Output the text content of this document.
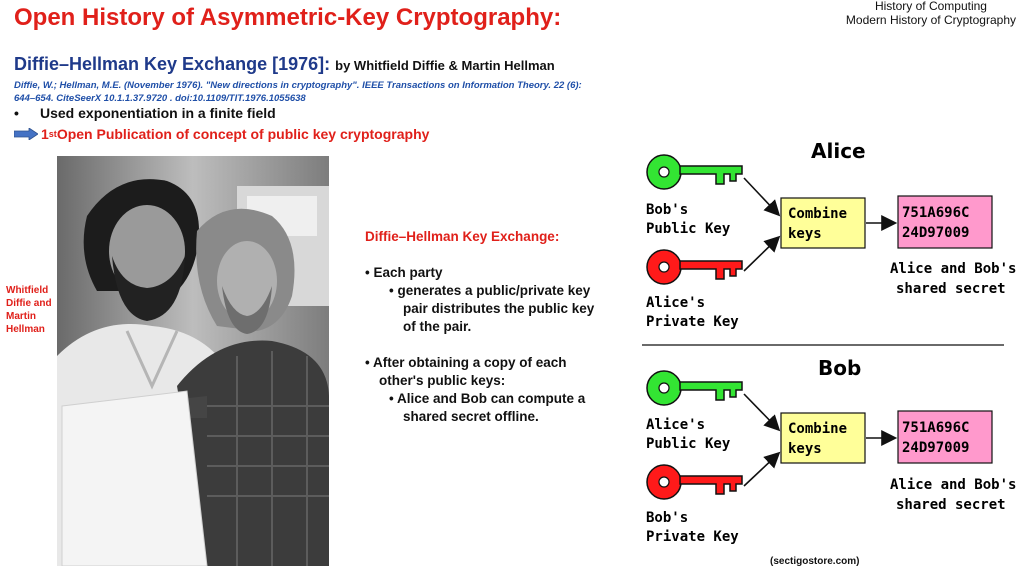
History of Computing
Modern History of Cryptography
Open History of Asymmetric-Key Cryptography:
Diffie–Hellman Key Exchange [1976]: by Whitfield Diffie & Martin Hellman
Diffie, W.; Hellman, M.E. (November 1976). "New directions in cryptography". IEEE Transactions on Information Theory. 22 (6): 644–654. CiteSeerX 10.1.1.37.9720 . doi:10.1109/TIT.1976.1055638
• Used exponentiation in a finite field
1 st Open Publication of concept of public key cryptography
Whitfield Diffie and Martin Hellman
Diffie–Hellman Key Exchange:
• Each party
• generates a public/private key pair distributes the public key of the pair.
• After obtaining a copy of each other's public keys:
• Alice and Bob can compute a shared secret offline.
Alice
Bob's
Public Key
Alice's
Private Key
Combine
keys
751A696C
24D97009
Alice and Bob's
shared secret
Bob
Alice's
Public Key
Bob's
Private Key
Combine
keys
751A696C
24D97009
Alice and Bob's
shared secret
(sectigostore.com)
